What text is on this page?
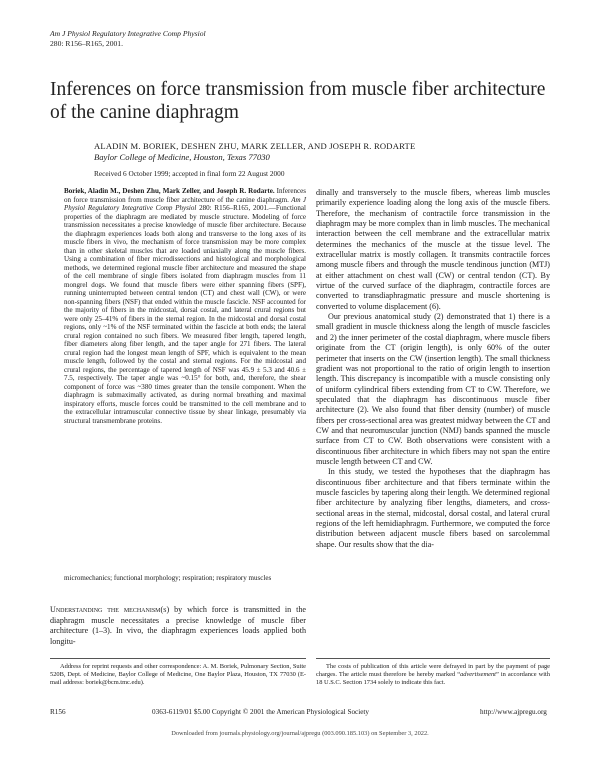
Am J Physiol Regulatory Integrative Comp Physiol
280: R156–R165, 2001.
Inferences on force transmission from muscle fiber architecture of the canine diaphragm
ALADIN M. BORIEK, DESHEN ZHU, MARK ZELLER, AND JOSEPH R. RODARTE
Baylor College of Medicine, Houston, Texas 77030
Received 6 October 1999; accepted in final form 22 August 2000
Boriek, Aladin M., Deshen Zhu, Mark Zeller, and Joseph R. Rodarte. Inferences on force transmission from muscle fiber architecture of the canine diaphragm. Am J Physiol Regulatory Integrative Comp Physiol 280: R156–R165, 2001.—Functional properties of the diaphragm are mediated by muscle structure. Modeling of force transmission necessitates a precise knowledge of muscle fiber architecture. Because the diaphragm experiences loads both along and transverse to the long axes of its muscle fibers in vivo, the mechanism of force transmission may be more complex than in other skeletal muscles that are loaded uniaxially along the muscle fibers. Using a combination of fiber microdissections and histological and morphological methods, we determined regional muscle fiber architecture and measured the shape of the cell membrane of single fibers isolated from diaphragm muscles from 11 mongrel dogs. We found that muscle fibers were either spanning fibers (SPF), running uninterrupted between central tendon (CT) and chest wall (CW), or were non-spanning fibers (NSF) that ended within the muscle fascicle. NSF accounted for the majority of fibers in the midcostal, dorsal costal, and lateral crural regions but were only 25–41% of fibers in the sternal region. In the midcostal and dorsal costal regions, only ~1% of the NSF terminated within the fascicle at both ends; the lateral crural region contained no such fibers. We measured fiber length, tapered length, fiber diameters along fiber length, and the taper angle for 271 fibers. The lateral crural region had the longest mean length of SPF, which is equivalent to the mean muscle length, followed by the costal and sternal regions. For the midcostal and crural regions, the percentage of tapered length of NSF was 45.9 ± 5.3 and 40.6 ± 7.5, respectively. The taper angle was ~0.15° for both, and, therefore, the shear component of force was ~380 times greater than the tensile component. When the diaphragm is submaximally activated, as during normal breathing and maximal inspiratory efforts, muscle forces could be transmitted to the cell membrane and to the extracellular intramuscular connective tissue by shear linkage, presumably via structural transmembrane proteins.
micromechanics; functional morphology; respiration; respiratory muscles
Understanding the mechanism(s) by which force is transmitted in the diaphragm muscle necessitates a precise knowledge of muscle fiber architecture (1–3). In vivo, the diaphragm experiences loads applied both longitu-

dinally and transversely to the muscle fibers, whereas limb muscles primarily experience loading along the long axis of the muscle fibers. Therefore, the mechanism of contractile force transmission in the diaphragm may be more complex than in limb muscles. The mechanical interaction between the cell membrane and the extracellular matrix determines the mechanics of the muscle at the tissue level. The extracellular matrix is mostly collagen. It transmits contractile forces among muscle fibers and through the muscle tendinous junction (MTJ) at either attachment on chest wall (CW) or central tendon (CT). By virtue of the curved surface of the diaphragm, contractile forces are converted to transdiaphragmatic pressure and muscle shortening is converted to volume displacement (6).

Our previous anatomical study (2) demonstrated that 1) there is a small gradient in muscle thickness along the length of muscle fascicles and 2) the inner perimeter of the costal diaphragm, where muscle fibers originate from the CT (origin length), is only 60% of the outer perimeter that inserts on the CW (insertion length). The small thickness gradient was not proportional to the ratio of origin length to insertion length. This discrepancy is incompatible with a muscle consisting only of uniform cylindrical fibers extending from CT to CW. Therefore, we speculated that the diaphragm has discontinuous muscle fiber architecture (2). We also found that fiber density (number) of muscle fibers per cross-sectional area was greatest midway between the CT and CW and that neuromuscular junction (NMJ) bands spanned the muscle surface from CT to CW. Both observations were consistent with a discontinuous fiber architecture in which fibers may not span the entire muscle length between CT and CW.

In this study, we tested the hypotheses that the diaphragm has discontinuous fiber architecture and that fibers terminate within the muscle fascicles by tapering along their length. We determined regional fiber architecture by analyzing fiber lengths, diameters, and cross-sectional areas in the sternal, midcostal, dorsal costal, and lateral crural regions of the left hemidiaphragm. Furthermore, we computed the force distribution between adjacent muscle fibers based on sarcolemmal shape. Our results show that the dia-

Address for reprint requests and other correspondence: A. M. Boriek, Pulmonary Section, Suite 520B, Dept. of Medicine, Baylor College of Medicine, One Baylor Plaza, Houston, TX 77030 (E-mail address: boriek@bcm.tmc.edu).
The costs of publication of this article were defrayed in part by the payment of page charges. The article must therefore be hereby marked “advertisement” in accordance with 18 U.S.C. Section 1734 solely to indicate this fact.
R156	0363-6119/01 $5.00 Copyright © 2001 the American Physiological Society	http://www.ajpregu.org
Downloaded from journals.physiology.org/journal/ajpregu (003.090.185.103) on September 3, 2022.
